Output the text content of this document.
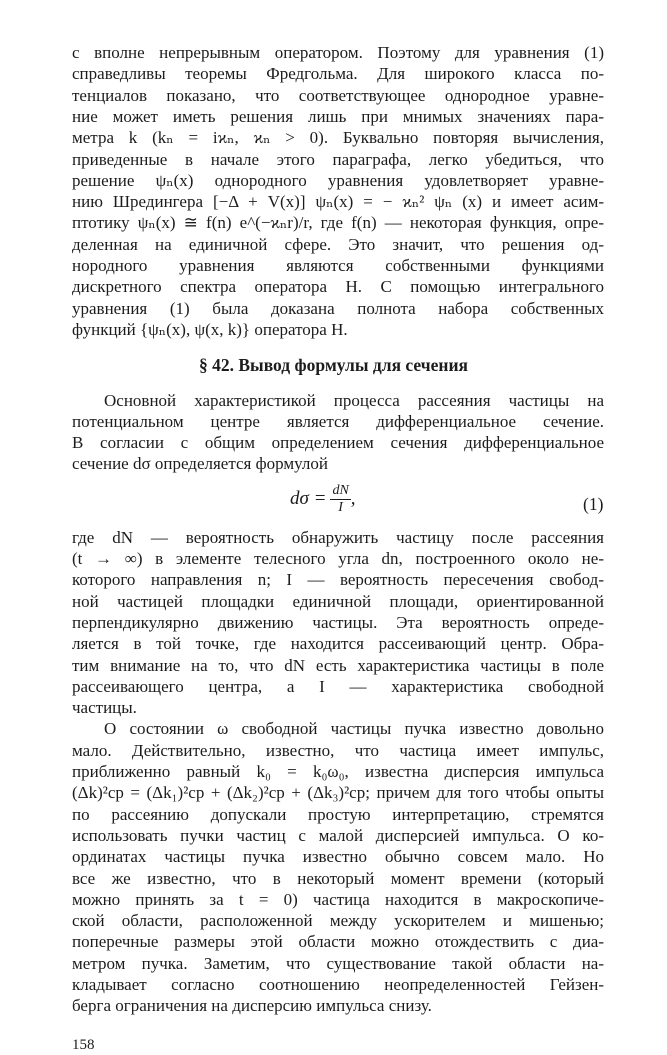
с вполне непрерывным оператором. Поэтому для уравнения (1)
справедливы теоремы Фредгольма. Для широкого класса по-
тенциалов показано, что соответствующее однородное уравне-
ние может иметь решения лишь при мнимых значениях пара-
метра k (kₙ = iϰₙ, ϰₙ > 0). Буквально повторяя вычисления,
приведенные в начале этого параграфа, легко убедиться, что
решение ψₙ(x) однородного уравнения удовлетворяет уравне-
нию Шредингера [−Δ + V(x)] ψₙ(x) = − ϰₙ² ψₙ (x) и имеет асим-
птотику ψₙ(x) ≅ f(n) e^(−ϰₙr)/r, где f(n) — некоторая функция, опре-
деленная на единичной сфере. Это значит, что решения од-
нородного уравнения являются собственными функциями
дискретного спектра оператора H. С помощью интегрального
уравнения (1) была доказана полнота набора собственных
функций {ψₙ(x), ψ(x, k)} оператора H.
§ 42. Вывод формулы для сечения
Основной характеристикой процесса рассеяния частицы на
потенциальном центре является дифференциальное сечение.
В согласии с общим определением сечения дифференциальное
сечение dσ определяется формулой
$d\sigma = \frac{dN}{I}$ ,	(1)
где dN — вероятность обнаружить частицу после рассеяния
(t → ∞) в элементе телесного угла dn, построенного около не-
которого направления n; I — вероятность пересечения свобод-
ной частицей площадки единичной площади, ориентированной
перпендикулярно движению частицы. Эта вероятность опреде-
ляется в той точке, где находится рассеивающий центр. Обра-
тим внимание на то, что dN есть характеристика частицы в поле
рассеивающего центра, а I — характеристика свободной
частицы.
О состоянии ω свободной частицы пучка известно довольно
мало. Действительно, известно, что частица имеет импульс,
приближенно равный k₀ = k₀ω₀, известна дисперсия импульса
(Δk)²ср = (Δk₁)²ср + (Δk₂)²ср + (Δk₃)²ср; причем для того чтобы опыты
по рассеянию допускали простую интерпретацию, стремятся
использовать пучки частиц с малой дисперсией импульса. О ко-
ординатах частицы пучка известно обычно совсем мало. Но
все же известно, что в некоторый момент времени (который
можно принять за t = 0) частица находится в макроскопиче-
ской области, расположенной между ускорителем и мишенью;
поперечные размеры этой области можно отождествить с диа-
метром пучка. Заметим, что существование такой области на-
кладывает согласно соотношению неопределенностей Гейзен-
берга ограничения на дисперсию импульса снизу.
158
